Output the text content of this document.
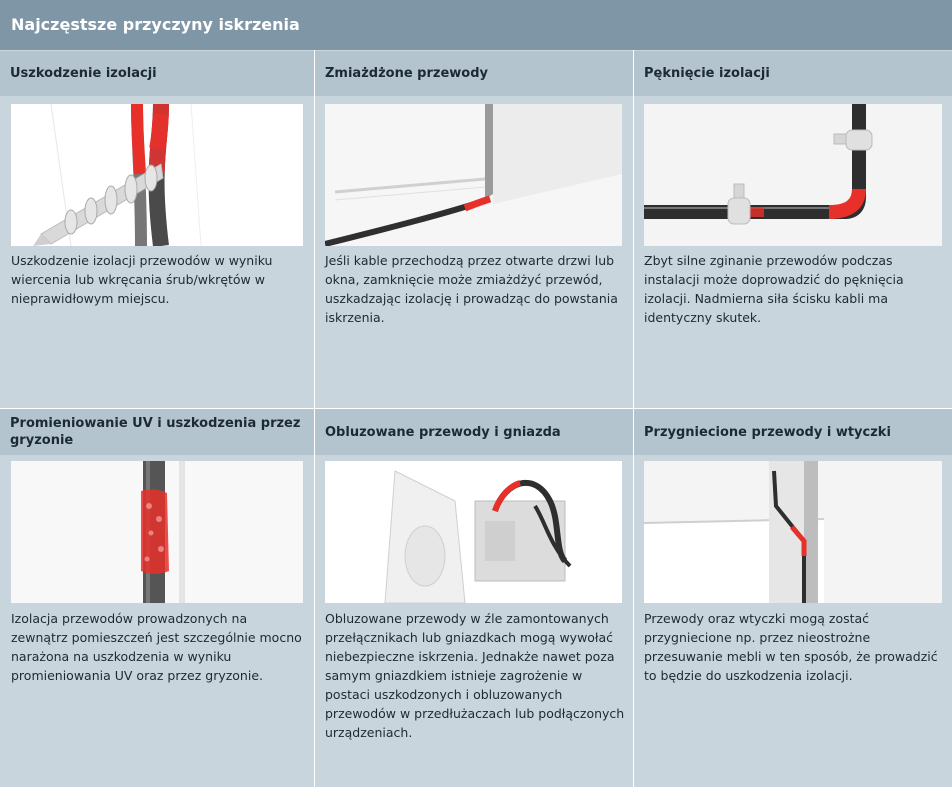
Najczęstsze przyczyny iskrzenia
Uszkodzenie izolacji
Uszkodzenie izolacji przewodów w wyniku wiercenia lub wkręcania śrub/wkrętów w nieprawidłowym miejscu.
Zmiażdżone przewody
Jeśli kable przechodzą przez otwarte drzwi lub okna, zamknięcie może zmiażdżyć przewód, uszkadzając izolację i prowadząc do powstania iskrzenia.
Pęknięcie izolacji
Zbyt silne zginanie przewodów podczas instalacji może doprowadzić do pęknięcia izolacji. Nadmierna siła ścisku kabli ma identyczny skutek.
Promieniowanie UV i uszkodzenia przez gryzonie
Izolacja przewodów prowadzonych na zewnątrz pomieszczeń jest szczególnie mocno narażona na uszkodzenia w wyniku promieniowania UV oraz przez gryzonie.
Obluzowane przewody i gniazda
Obluzowane przewody w źle zamontowanych przełącznikach lub gniazdkach mogą wywołać niebezpieczne iskrzenia. Jednakże nawet poza samym gniazdkiem istnieje zagrożenie w postaci uszkodzonych i obluzowanych przewodów w przedłużaczach lub podłączonych urządzeniach.
Przygniecione przewody i wtyczki
Przewody oraz wtyczki mogą zostać przygniecione np. przez nieostrożne przesuwanie mebli w ten sposób, że prowadzić to będzie do uszkodzenia izolacji.
